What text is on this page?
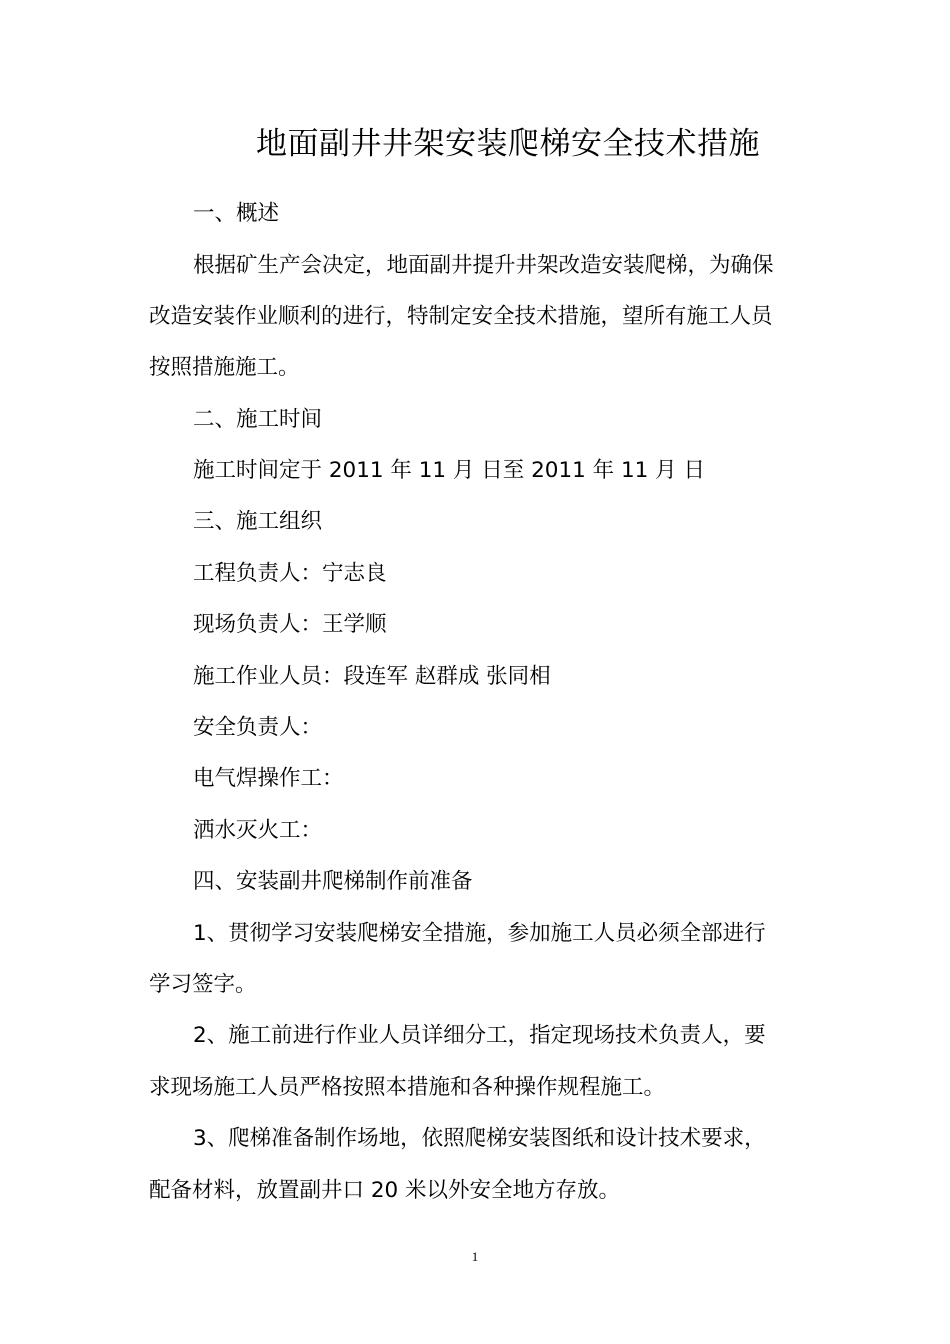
地面副井井架安装爬梯安全技术措施
一、概述
根据矿生产会决定，地面副井提升井架改造安装爬梯，为确保
改造安装作业顺利的进行，特制定安全技术措施，望所有施工人员
按照措施施工。
二、施工时间
施工时间定于 2011 年 11 月 日至 2011 年 11 月 日
三、施工组织
工程负责人：宁志良
现场负责人：王学顺
施工作业人员：段连军 赵群成 张同相
安全负责人：
电气焊操作工：
洒水灭火工：
四、安装副井爬梯制作前准备
1、贯彻学习安装爬梯安全措施，参加施工人员必须全部进行
学习签字。
2、施工前进行作业人员详细分工，指定现场技术负责人，要
求现场施工人员严格按照本措施和各种操作规程施工。
3、爬梯准备制作场地，依照爬梯安装图纸和设计技术要求，
配备材料，放置副井口 20 米以外安全地方存放。
1
